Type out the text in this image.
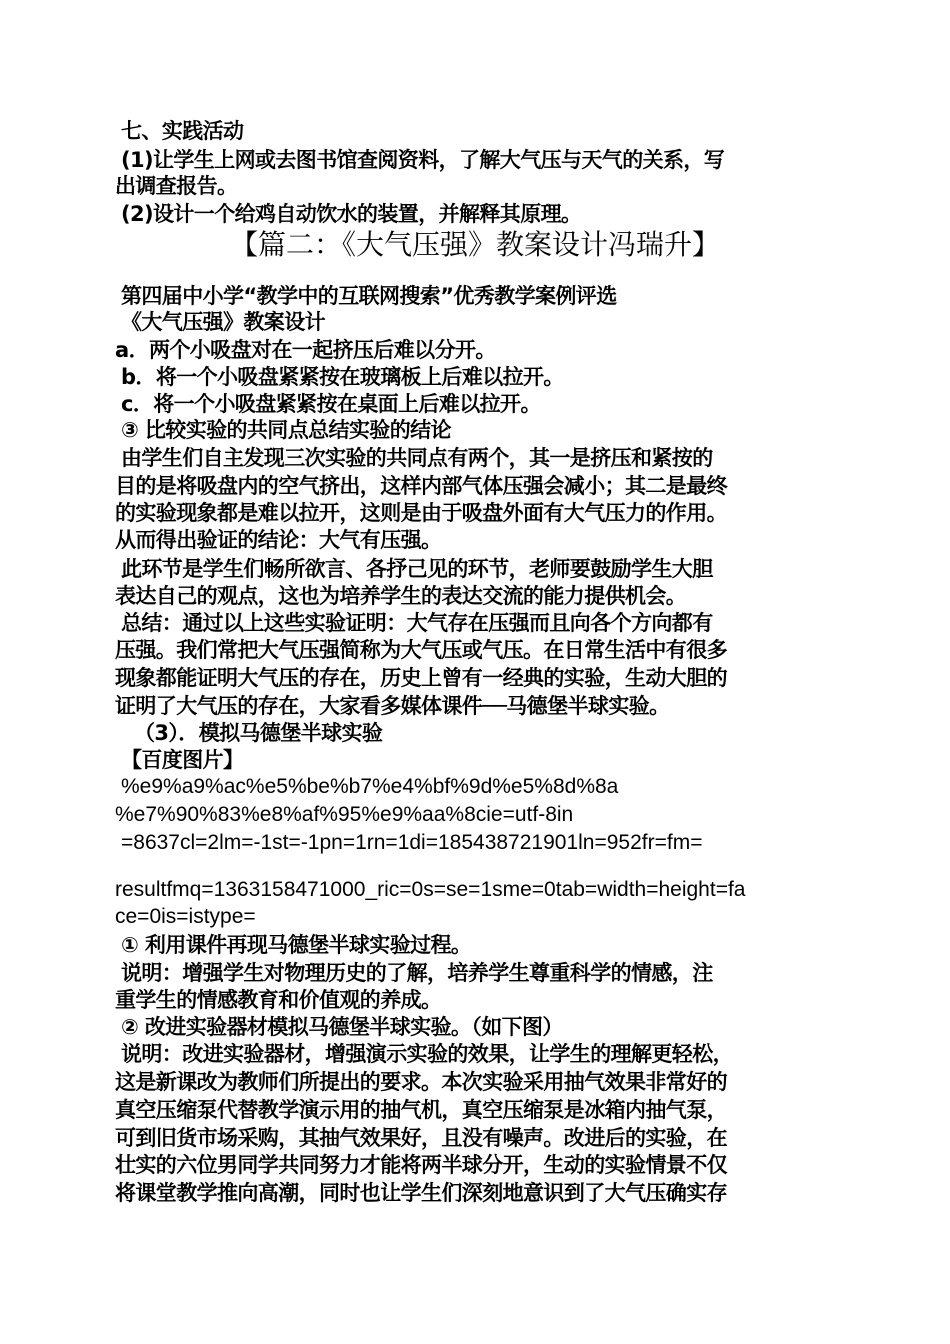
七、实践活动
(1)让学生上网或去图书馆查阅资料，了解大气压与天气的关系，写
出调查报告。
(2)设计一个给鸡自动饮水的装置，并解释其原理。
【篇二：《大气压强》教案设计冯瑞升】
第四届中小学“教学中的互联网搜索”优秀教学案例评选
《大气压强》教案设计
a．两个小吸盘对在一起挤压后难以分开。
b．将一个小吸盘紧紧按在玻璃板上后难以拉开。
c．将一个小吸盘紧紧按在桌面上后难以拉开。
③ 比较实验的共同点总结实验的结论
由学生们自主发现三次实验的共同点有两个，其一是挤压和紧按的
目的是将吸盘内的空气挤出，这样内部气体压强会减小；其二是最终
的实验现象都是难以拉开，这则是由于吸盘外面有大气压力的作用。
从而得出验证的结论：大气有压强。
此环节是学生们畅所欲言、各抒己见的环节，老师要鼓励学生大胆
表达自己的观点，这也为培养学生的表达交流的能力提供机会。
总结：通过以上这些实验证明：大气存在压强而且向各个方向都有
压强。我们常把大气压强简称为大气压或气压。在日常生活中有很多
现象都能证明大气压的存在，历史上曾有一经典的实验，生动大胆的
证明了大气压的存在，大家看多媒体课件──马德堡半球实验。
（3）．模拟马德堡半球实验
【百度图片】
%e9%a9%ac%e5%be%b7%e4%bf%9d%e5%8d%8a
%e7%90%83%e8%af%95%e9%aa%8cie=utf-8in
=8637cl=2lm=-1st=-1pn=1rn=1di=185438721901ln=952fr=fm=
resultfmq=1363158471000_ric=0s=se=1sme=0tab=width=height=fa
ce=0is=istype=
① 利用课件再现马德堡半球实验过程。
说明：增强学生对物理历史的了解，培养学生尊重科学的情感，注
重学生的情感教育和价值观的养成。
② 改进实验器材模拟马德堡半球实验。（如下图）
说明：改进实验器材，增强演示实验的效果，让学生的理解更轻松，
这是新课改为教师们所提出的要求。本次实验采用抽气效果非常好的
真空压缩泵代替教学演示用的抽气机，真空压缩泵是冰箱内抽气泵，
可到旧货市场采购，其抽气效果好，且没有噪声。改进后的实验，在
壮实的六位男同学共同努力才能将两半球分开，生动的实验情景不仅
将课堂教学推向高潮，同时也让学生们深刻地意识到了大气压确实存
